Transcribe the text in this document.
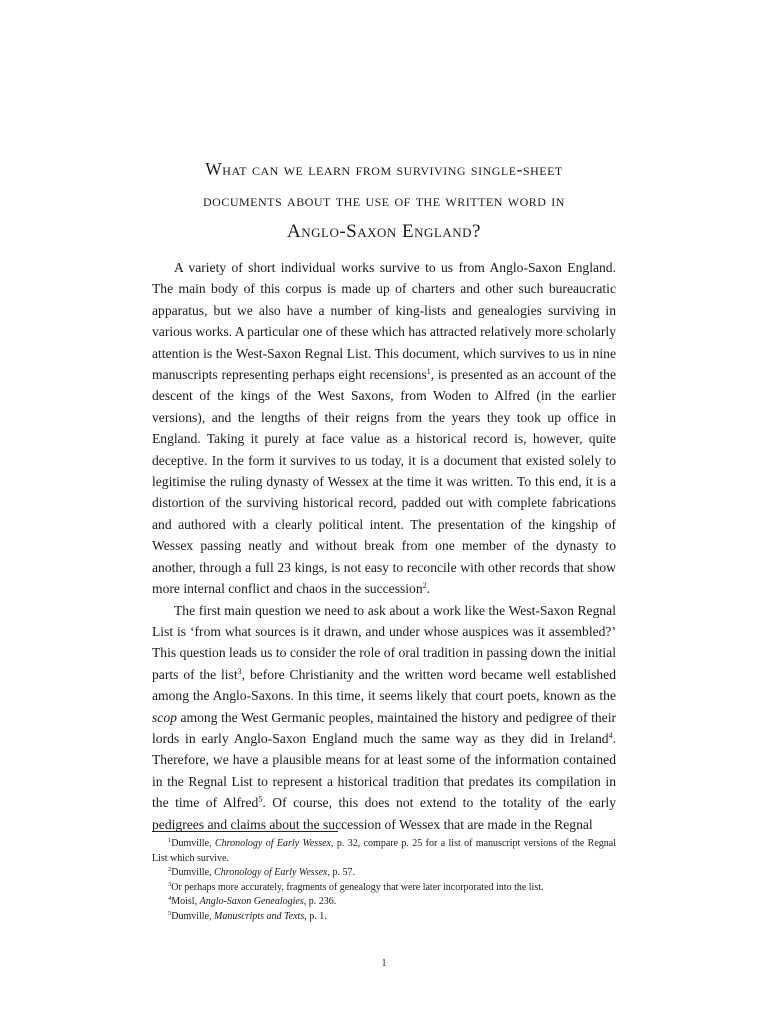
What can we learn from surviving single-sheet
documents about the use of the written word in
Anglo-Saxon England?

A variety of short individual works survive to us from Anglo-Saxon England. The main body of this corpus is made up of charters and other such bureaucratic apparatus, but we also have a number of king-lists and genealogies surviving in various works. A particular one of these which has attracted relatively more scholarly attention is the West-Saxon Regnal List. This document, which survives to us in nine manuscripts representing perhaps eight recensions$^1$, is presented as an account of the descent of the kings of the West Saxons, from Woden to Alfred (in the earlier versions), and the lengths of their reigns from the years they took up office in England. Taking it purely at face value as a historical record is, however, quite deceptive. In the form it survives to us today, it is a document that existed solely to legitimise the ruling dynasty of Wessex at the time it was written. To this end, it is a distortion of the surviving historical record, padded out with complete fabrications and authored with a clearly political intent. The presentation of the kingship of Wessex passing neatly and without break from one member of the dynasty to another, through a full 23 kings, is not easy to reconcile with other records that show more internal conflict and chaos in the succession$^2$.

The first main question we need to ask about a work like the West-Saxon Regnal List is ‘from what sources is it drawn, and under whose auspices was it assembled?’ This question leads us to consider the role of oral tradition in passing down the initial parts of the list$^3$, before Christianity and the written word became well established among the Anglo-Saxons. In this time, it seems likely that court poets, known as the scop among the West Germanic peoples, maintained the history and pedigree of their lords in early Anglo-Saxon England much the same way as they did in Ireland$^4$. Therefore, we have a plausible means for at least some of the information contained in the Regnal List to represent a historical tradition that predates its compilation in the time of Alfred$^5$. Of course, this does not extend to the totality of the early pedigrees and claims about the succession of Wessex that are made in the Regnal

$^1$Dumville, Chronology of Early Wessex, p. 32, compare p. 25 for a list of manuscript versions of the Regnal List which survive.

$^2$Dumville, Chronology of Early Wessex, p. 57.

$^3$Or perhaps more accurately, fragments of genealogy that were later incorporated into the list.

$^4$Moisl, Anglo-Saxon Genealogies, p. 236.

$^5$Dumville, Manuscripts and Texts, p. 1.

1
